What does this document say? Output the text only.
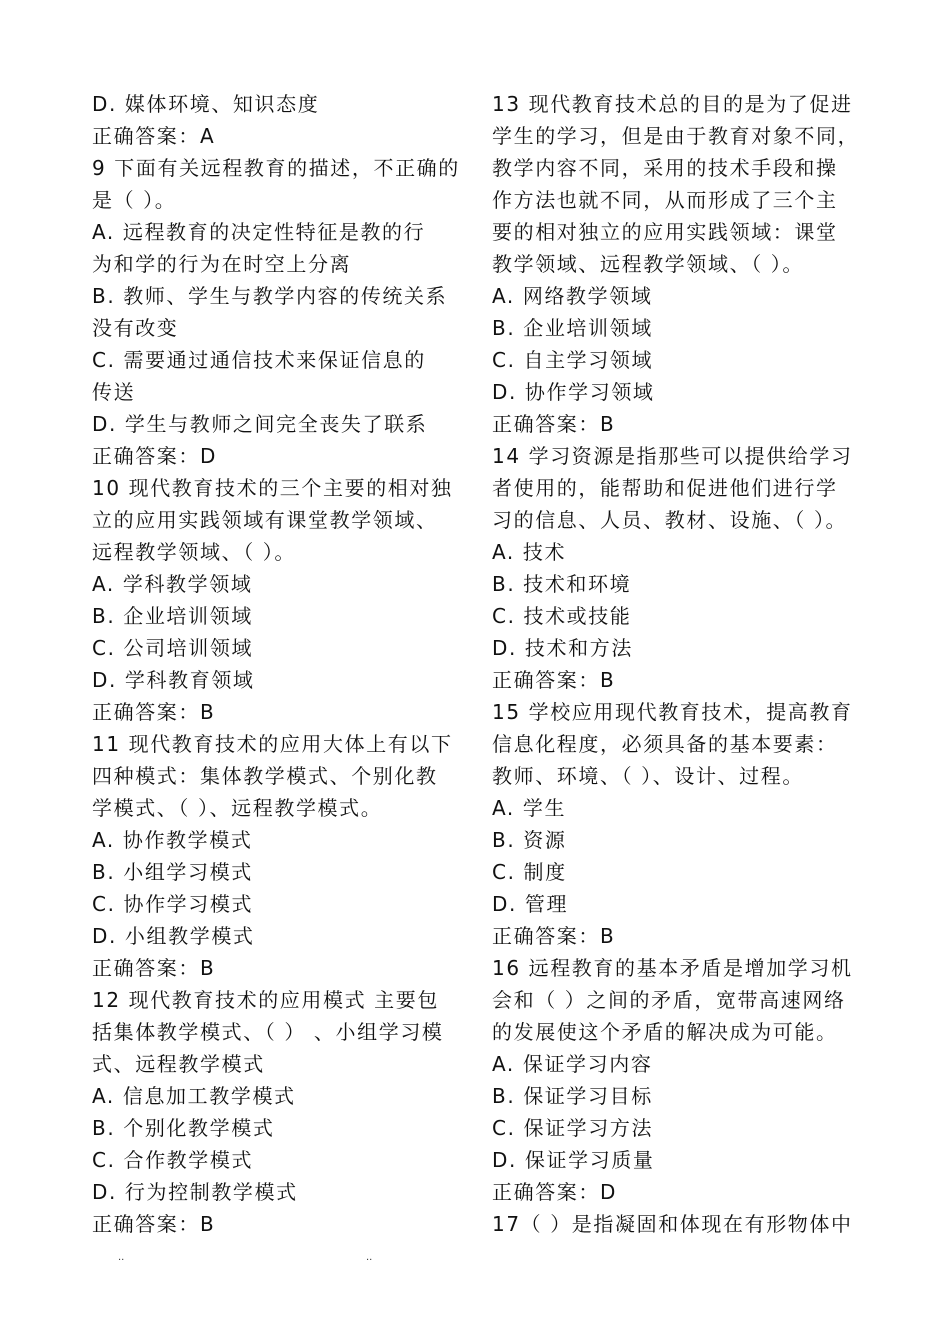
D. 媒体环境、知识态度
正确答案：A
9 下面有关远程教育的描述，不正确的
是（ ）。
A. 远程教育的决定性特征是教的行
为和学的行为在时空上分离
B. 教师、学生与教学内容的传统关系
没有改变
C. 需要通过通信技术来保证信息的
传送
D. 学生与教师之间完全丧失了联系
正确答案：D
10 现代教育技术的三个主要的相对独
立的应用实践领域有课堂教学领域、
远程教学领域、（ ）。
A. 学科教学领域
B. 企业培训领域
C. 公司培训领域
D. 学科教育领域
正确答案：B
11 现代教育技术的应用大体上有以下
四种模式：集体教学模式、个别化教
学模式、（ ）、远程教学模式。
A. 协作教学模式
B. 小组学习模式
C. 协作学习模式
D. 小组教学模式
正确答案：B
12 现代教育技术的应用模式 主要包
括集体教学模式、（ ） 、小组学习模
式、远程教学模式
A. 信息加工教学模式
B. 个别化教学模式
C. 合作教学模式
D. 行为控制教学模式
正确答案：B
13 现代教育技术总的目的是为了促进
学生的学习，但是由于教育对象不同，
教学内容不同，采用的技术手段和操
作方法也就不同，从而形成了三个主
要的相对独立的应用实践领域：课堂
教学领域、远程教学领域、（ ）。
A. 网络教学领域
B. 企业培训领域
C. 自主学习领域
D. 协作学习领域
正确答案：B
14 学习资源是指那些可以提供给学习
者使用的，能帮助和促进他们进行学
习的信息、人员、教材、设施、（ ）。
A. 技术
B. 技术和环境
C. 技术或技能
D. 技术和方法
正确答案：B
15 学校应用现代教育技术，提高教育
信息化程度，必须具备的基本要素：
教师、环境、（ ）、设计、过程。
A. 学生
B. 资源
C. 制度
D. 管理
正确答案：B
16 远程教育的基本矛盾是增加学习机
会和（ ）之间的矛盾，宽带高速网络
的发展使这个矛盾的解决成为可能。
A. 保证学习内容
B. 保证学习目标
C. 保证学习方法
D. 保证学习质量
正确答案：D
17（ ）是指凝固和体现在有形物体中
..	..
